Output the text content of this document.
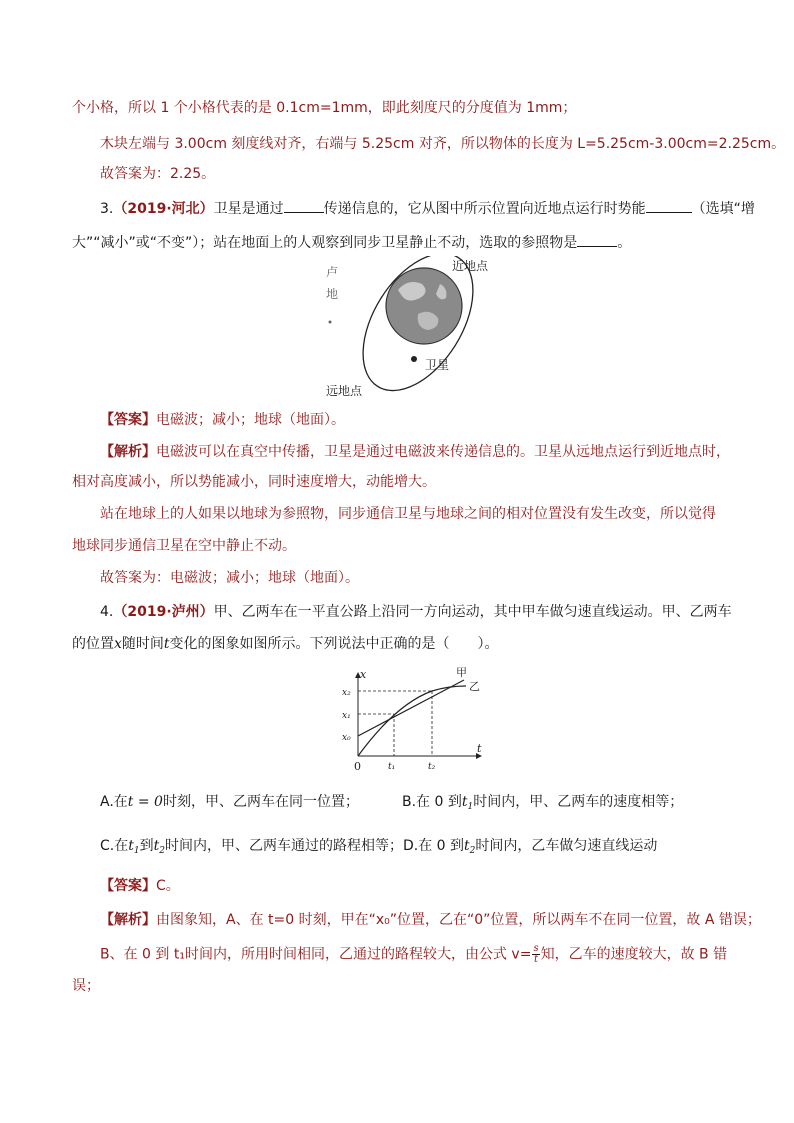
个小格，所以 1 个小格代表的是 0.1cm=1mm，即此刻度尺的分度值为 1mm；
木块左端与 3.00cm 刻度线对齐，右端与 5.25cm 对齐，所以物体的长度为 L=5.25cm-3.00cm=2.25cm。
故答案为：2.25。
3.（2019·河北）卫星是通过	传递信息的，它从图中所示位置向近地点运行时势能	（选填“增
大”“减小”或“不变”）；站在地面上的人观察到同步卫星静止不动，选取的参照物是	。
卢
地
卫星
近地点
远地点
【答案】电磁波；减小；地球（地面）。
【解析】电磁波可以在真空中传播，卫星是通过电磁波来传递信息的。卫星从远地点运行到近地点时，
相对高度减小，所以势能减小，同时速度增大，动能增大。
站在地球上的人如果以地球为参照物，同步通信卫星与地球之间的相对位置没有发生改变，所以觉得
地球同步通信卫星在空中静止不动。
故答案为：电磁波；减小；地球（地面）。
4.（2019·泸州）甲、乙两车在一平直公路上沿同一方向运动，其中甲车做匀速直线运动。甲、乙两车
的位置x随时间t变化的图象如图所示。下列说法中正确的是（　　）。
x
t
0
x₀
x₁
x₂
t₁	t₂
甲
乙
A.在t = 0时刻，甲、乙两车在同一位置；	B.在 0 到$t_1$时间内，甲、乙两车的速度相等；
C.在$t_1$到$t_2$时间内，甲、乙两车通过的路程相等；D.在 0 到$t_2$时间内，乙车做匀速直线运动
【答案】C。
【解析】由图象知，A、在 t=0 时刻，甲在“x₀”位置，乙在“0”位置，所以两车不在同一位置，故 A 错误；
B、在 0 到 t₁时间内，所用时间相同，乙通过的路程较大，由公式 $v= \frac{s}{t}$ 知，乙车的速度较大，故 B 错
误；
